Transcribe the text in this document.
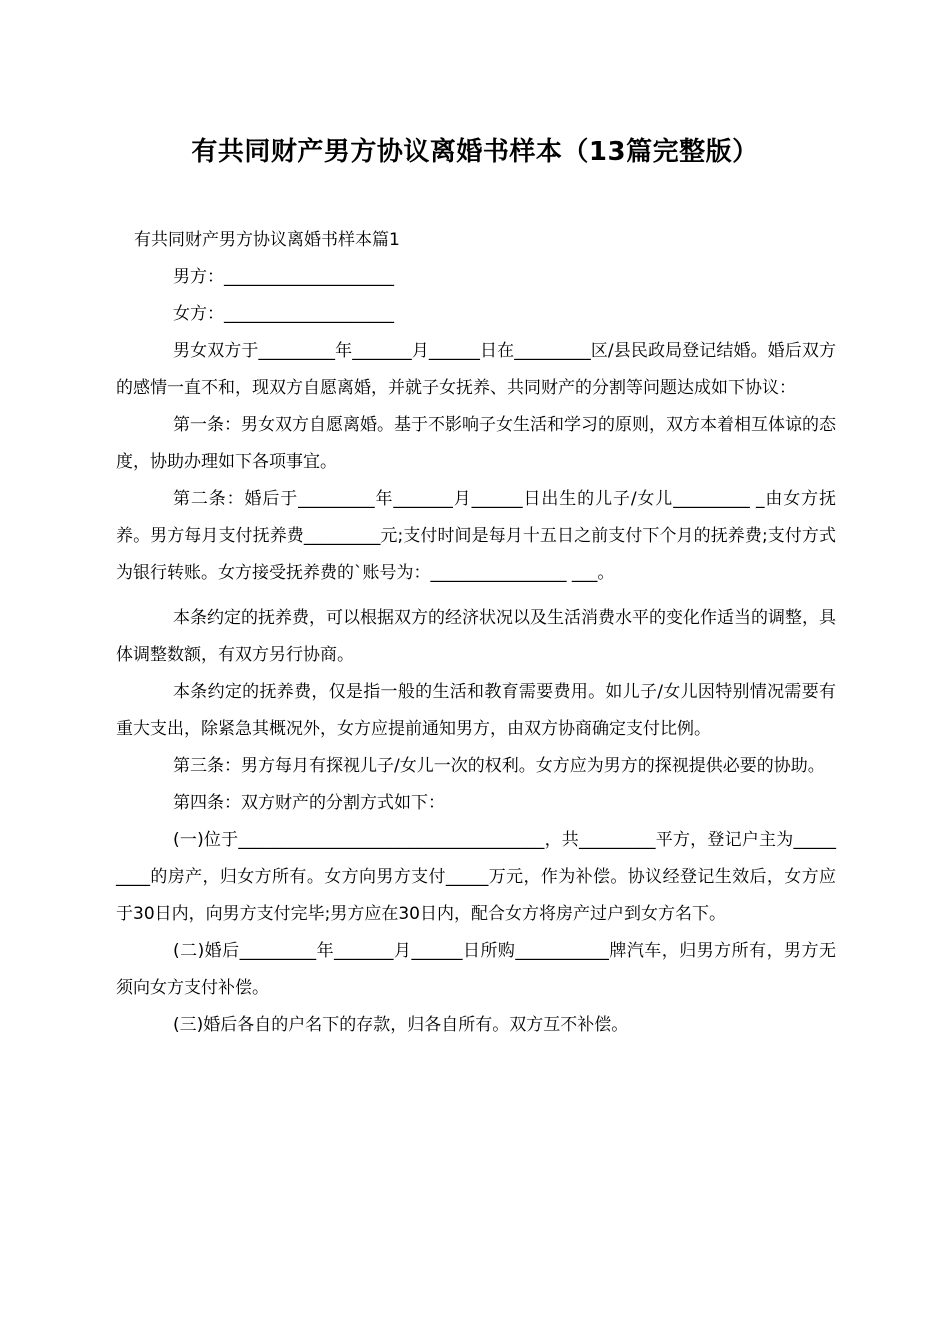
有共同财产男方协议离婚书样本（13篇完整版）

有共同财产男方协议离婚书样本篇1

男方：____________________

女方：____________________

男女双方于_________年_______月______日在_________区/县民政局登记结婚。婚后双方的感情一直不和，现双方自愿离婚，并就子女抚养、共同财产的分割等问题达成如下协议：

第一条：男女双方自愿离婚。基于不影响子女生活和学习的原则，双方本着相互体谅的态度，协助办理如下各项事宜。

第二条：婚后于_________年_______月______日出生的儿子/女儿_________ _由女方抚养。男方每月支付抚养费_________元;支付时间是每月十五日之前支付下个月的抚养费;支付方式为银行转账。女方接受抚养费的`账号为：________________ ___。

本条约定的抚养费，可以根据双方的经济状况以及生活消费水平的变化作适当的调整，具体调整数额，有双方另行协商。

本条约定的抚养费，仅是指一般的生活和教育需要费用。如儿子/女儿因特别情况需要有重大支出，除紧急其概况外，女方应提前通知男方，由双方协商确定支付比例。

第三条：男方每月有探视儿子/女儿一次的权利。女方应为男方的探视提供必要的协助。

第四条：双方财产的分割方式如下：

(一)位于____________________________________，共_________平方，登记户主为_________的房产，归女方所有。女方向男方支付_____万元，作为补偿。协议经登记生效后，女方应于30日内，向男方支付完毕;男方应在30日内，配合女方将房产过户到女方名下。

(二)婚后_________年_______月______日所购___________牌汽车，归男方所有，男方无须向女方支付补偿。

(三)婚后各自的户名下的存款，归各自所有。双方互不补偿。
